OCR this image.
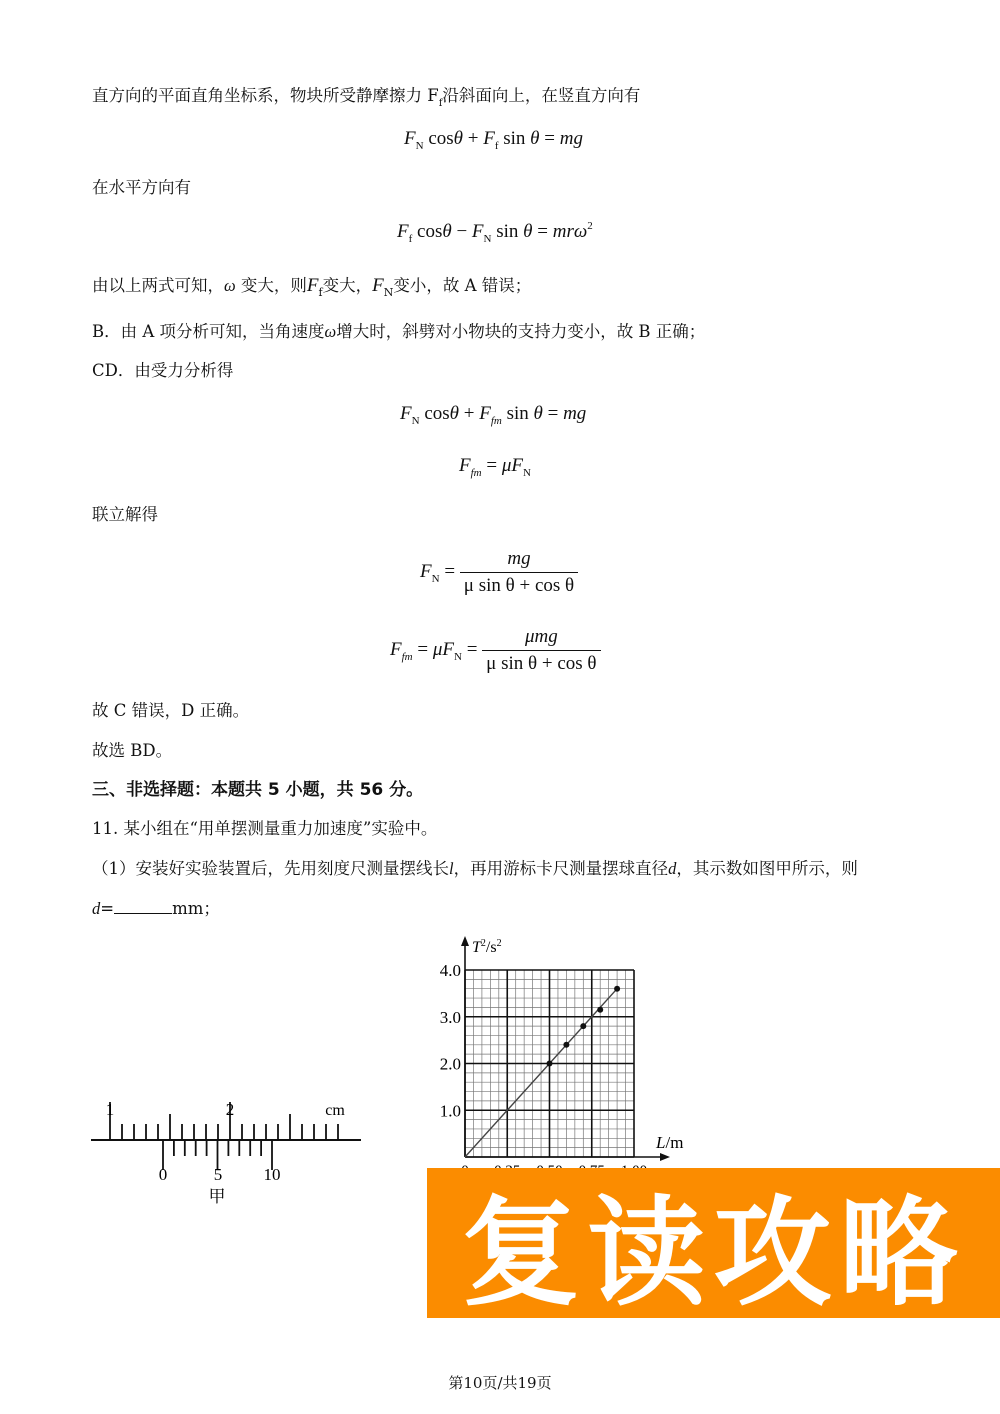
直方向的平面直角坐标系，物块所受静摩擦力 $F_f$沿斜面向上，在竖直方向有
$F_N$ $\cos\theta + F_f$ sin θ = mg
在水平方向有
$F_f$ $\cos\theta - F_N$ sin θ = mrω$^2$
由以上两式可知，ω 变大，则$F_f$变大，$F_N$变小，故 A 错误；
B．由 A 项分析可知，当角速度ω增大时，斜劈对小物块的支持力变小，故 B 正确；
CD．由受力分析得
$F_N$ $\cos\theta + F_{fm}$ sin θ = mg
$F_{fm} = \mu F_N$
联立解得
$F_N = \frac{mg}{\text{μ sin θ + cos θ}}$
$F_{fm} = \mu F_N = \frac{\text{μmg}}{\text{μ sin θ + cos θ}}$
故 C 错误，D 正确。
故选 BD。
三、非选择题：本题共 5 小题，共 56 分。
11. 某小组在“用单摆测量重力加速度”实验中。
（1）安装好实验装置后，先用刻度尺测量摆线长l，再用游标卡尺测量摆球直径d，其示数如图甲所示，则
d=	mm；
1	2	cm
0	5 10
甲
$T^2/s^2$
L/m
1.0
2.0
3.0
4.0
复读攻略
第10页/共19页
